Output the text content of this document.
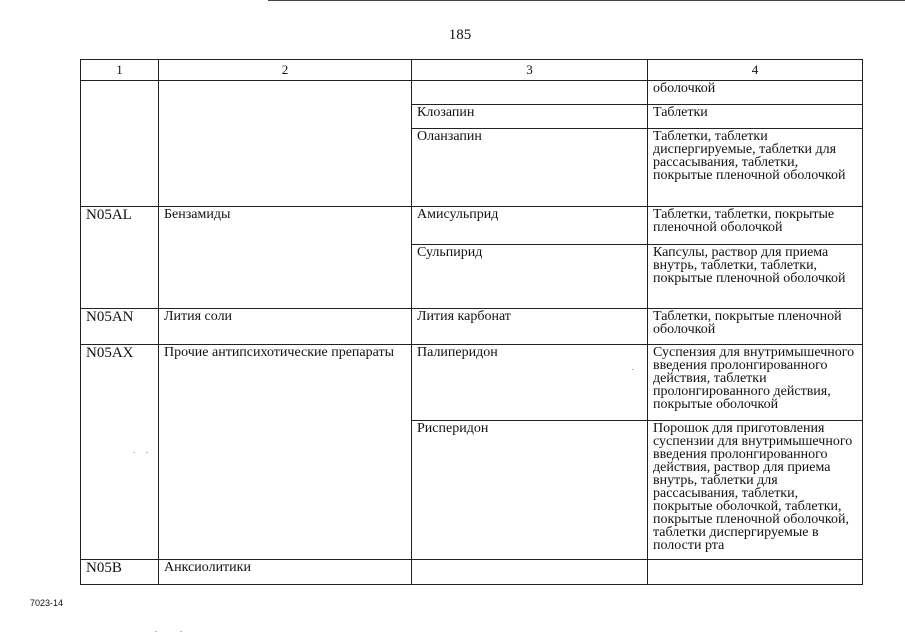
185
1	2	3	4
			оболочкой
		Клозапин	Таблетки
		Оланзапин	Таблетки, таблетки диспергируемые, таблетки для рассасывания, таблетки, покрытые пленочной оболочкой
N05AL	Бензамиды	Амисульприд	Таблетки, таблетки, покрытые пленочной оболочкой
		Сульпирид	Капсулы, раствор для приема внутрь, таблетки, таблетки, покрытые пленочной оболочкой
N05AN	Лития соли	Лития карбонат	Таблетки, покрытые пленочной оболочкой
N05AX	Прочие антипсихотические препараты	Палиперидон	Суспензия для внутримышечного введения пролонгированного действия, таблетки пролонгированного действия, покрытые оболочкой
		Рисперидон	Порошок для приготовления суспензии для внутримышечного введения пролонгированного действия, раствор для приема внутрь, таблетки для рассасывания, таблетки, покрытые оболочкой, таблетки, покрытые пленочной оболочкой, таблетки диспергируемые в полости рта
N05B	Анксиолитики		
7023-14
